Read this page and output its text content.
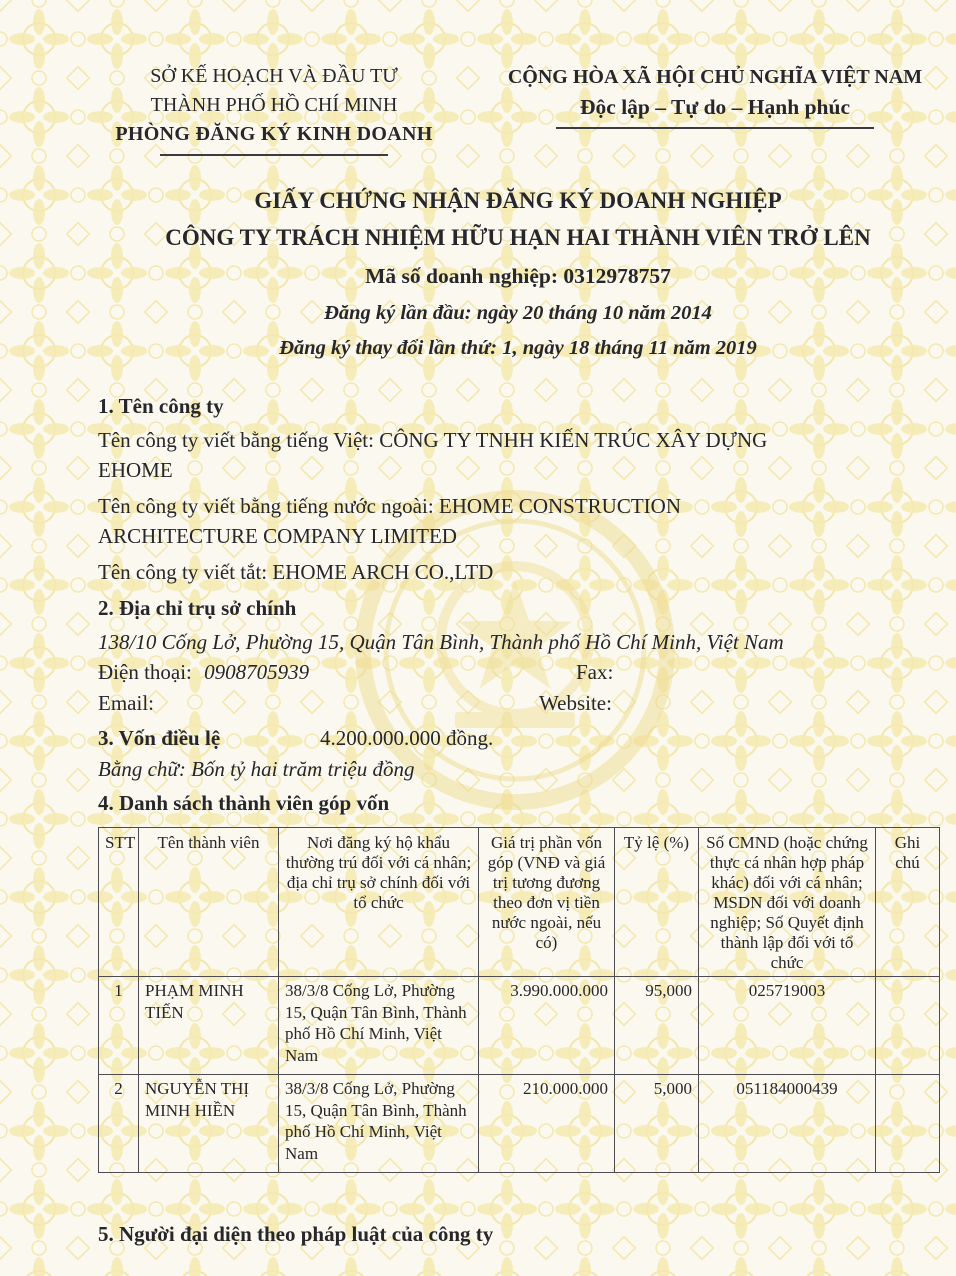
SỞ KẾ HOẠCH VÀ ĐẦU TƯ
THÀNH PHỐ HỒ CHÍ MINH
PHÒNG ĐĂNG KÝ KINH DOANH
CỘNG HÒA XÃ HỘI CHỦ NGHĨA VIỆT NAM
Độc lập – Tự do – Hạnh phúc
GIẤY CHỨNG NHẬN ĐĂNG KÝ DOANH NGHIỆP
CÔNG TY TRÁCH NHIỆM HỮU HẠN HAI THÀNH VIÊN TRỞ LÊN
Mã số doanh nghiệp: 0312978757
Đăng ký lần đầu: ngày 20 tháng 10 năm 2014
Đăng ký thay đổi lần thứ: 1, ngày 18 tháng 11 năm 2019
1. Tên công ty
Tên công ty viết bằng tiếng Việt: CÔNG TY TNHH KIẾN TRÚC XÂY DỰNG
EHOME
Tên công ty viết bằng tiếng nước ngoài: EHOME CONSTRUCTION
ARCHITECTURE COMPANY LIMITED
Tên công ty viết tắt: EHOME ARCH CO.,LTD
2. Địa chỉ trụ sở chính
138/10 Cống Lở, Phường 15, Quận Tân Bình, Thành phố Hồ Chí Minh, Việt Nam
Điện thoại: 0908705939	Fax:
Email:	Website:
3. Vốn điều lệ	4.200.000.000 đồng.
Bằng chữ: Bốn tỷ hai trăm triệu đồng
4. Danh sách thành viên góp vốn
STT	Tên thành viên	Nơi đăng ký hộ khẩu thường trú đối với cá nhân; địa chỉ trụ sở chính đối với tổ chức	Giá trị phần vốn góp (VNĐ và giá trị tương đương theo đơn vị tiền nước ngoài, nếu có)	Tỷ lệ (%)	Số CMND (hoặc chứng thực cá nhân hợp pháp khác) đối với cá nhân; MSDN đối với doanh nghiệp; Số Quyết định thành lập đối với tổ chức	Ghi chú
1	PHẠM MINH TIẾN	38/3/8 Cống Lở, Phường 15, Quận Tân Bình, Thành phố Hồ Chí Minh, Việt Nam	3.990.000.000	95,000	025719003	
2	NGUYỄN THỊ MINH HIỀN	38/3/8 Cống Lở, Phường 15, Quận Tân Bình, Thành phố Hồ Chí Minh, Việt Nam	210.000.000	5,000	051184000439	
5. Người đại diện theo pháp luật của công ty
